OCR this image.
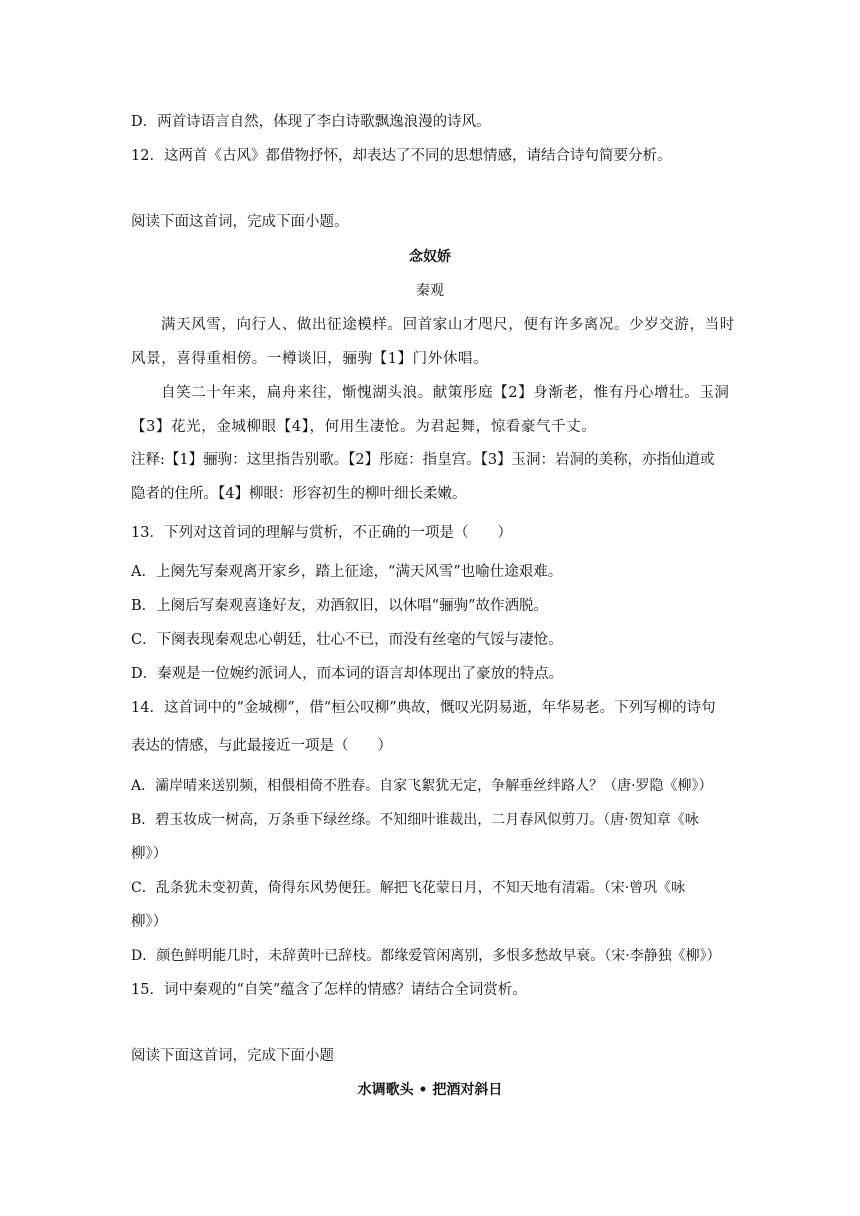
D．两首诗语言自然，体现了李白诗歌飘逸浪漫的诗风。
12．这两首《古风》都借物抒怀，却表达了不同的思想情感，请结合诗句简要分析。
阅读下面这首词，完成下面小题。
念奴娇
秦观
满天风雪，向行人、做出征途模样。回首家山才咫尺，便有许多离况。少岁交游，当时
风景，喜得重相傍。一樽谈旧，骊驹【1】门外休唱。
自笑二十年来，扁舟来往，惭愧湖头浪。献策彤庭【2】身渐老，惟有丹心增壮。玉洞
【3】花光，金城柳眼【4】，何用生凄怆。为君起舞，惊看豪气千丈。
注释:【1】骊驹：这里指告别歌。【2】彤庭：指皇宫。【3】玉洞：岩洞的美称，亦指仙道或
隐者的住所。【4】柳眼：形容初生的柳叶细长柔嫩。
13．下列对这首词的理解与赏析，不正确的一项是（　　）
A．上阕先写秦观离开家乡，踏上征途，“满天风雪”也喻仕途艰难。
B．上阕后写秦观喜逢好友，劝酒叙旧，以休唱“骊驹”故作洒脱。
C．下阕表现秦观忠心朝廷，壮心不已，而没有丝毫的气馁与凄怆。
D．秦观是一位婉约派词人，而本词的语言却体现出了豪放的特点。
14．这首词中的“金城柳”，借“桓公叹柳”典故，慨叹光阴易逝，年华易老。下列写柳的诗句
表达的情感，与此最接近一项是（　　）
A．灞岸晴来送别频，相偎相倚不胜春。自家飞絮犹无定，争解垂丝绊路人？（唐·罗隐《柳》）
B．碧玉妆成一树高，万条垂下绿丝绦。不知细叶谁裁出，二月春风似剪刀。（唐·贺知章《咏
柳》）
C．乱条犹未变初黄，倚得东风势便狂。解把飞花蒙日月，不知天地有清霜。（宋·曾巩《咏
柳》）
D．颜色鲜明能几时，未辞黄叶已辞枝。都缘爱管闲离别，多恨多愁故早衰。（宋·李静独《柳》）
15．词中秦观的“自笑”蕴含了怎样的情感？请结合全词赏析。
阅读下面这首词，完成下面小题
水调歌头 • 把酒对斜日
